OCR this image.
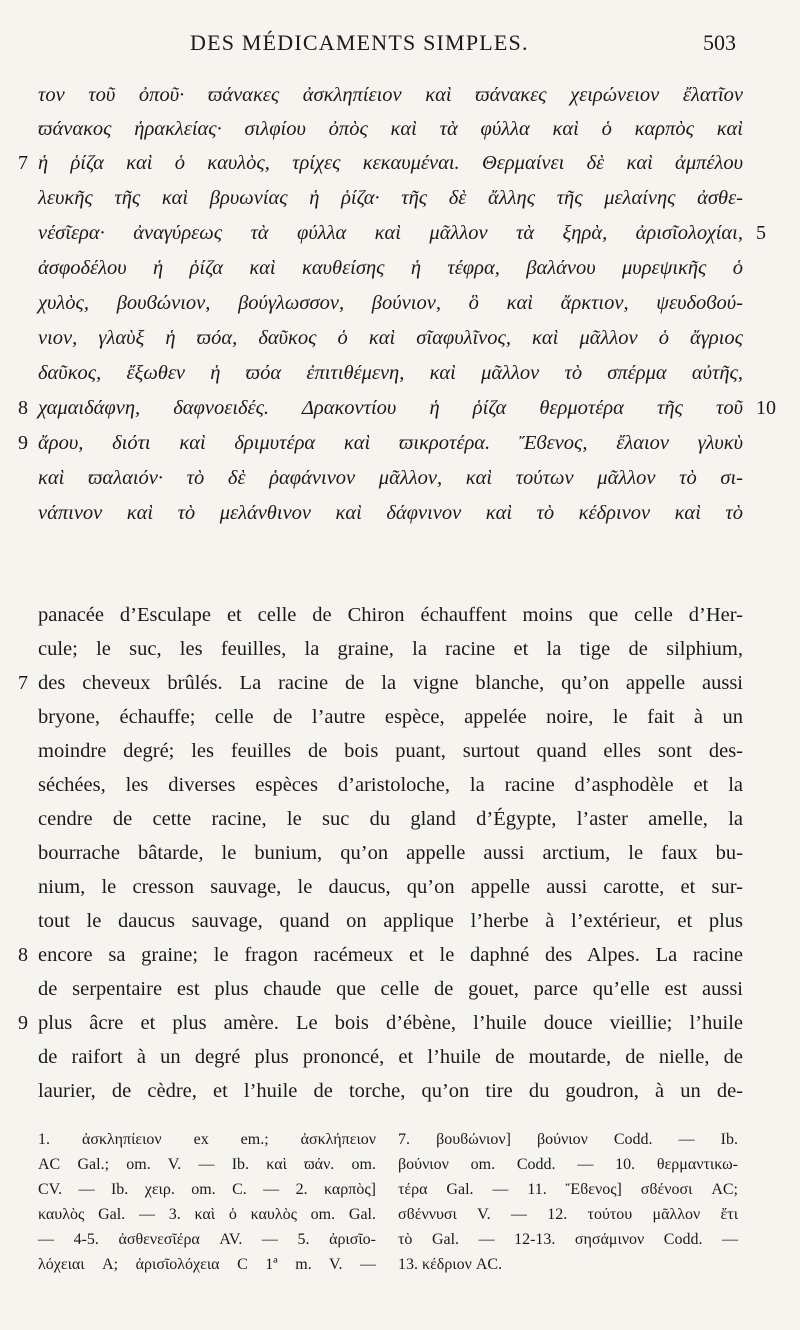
DES MÉDICAMENTS SIMPLES.	503
τον τοῦ ὀποῦ· ϖάνακες ἀσκληπίειον καὶ ϖάνακες χειρώνειον ἔλατῖον
ϖάνακος ἡρακλείας· σιλφίου ὀπὸς καὶ τὰ φύλλα καὶ ὁ καρπὸς καὶ
ἡ ῥίζα καὶ ὁ καυλὸς, τρίχες κεκαυμέναι. Θερμαίνει δὲ καὶ ἀμπέλου
λευκῆς τῆς καὶ βρυωνίας ἡ ῥίζα· τῆς δὲ ἄλλης τῆς μελαίνης ἀσθε-
νέσῖερα· ἀναγύρεως τὰ φύλλα καὶ μᾶλλον τὰ ξηρὰ, ἀρισῖολοχίαι,
ἀσφοδέλου ἡ ῥίζα καὶ καυθείσης ἡ τέφρα, βαλάνου μυρεψικῆς ὁ
χυλὸς, βουϐώνιον, βούγλωσσον, βούνιον, ὃ καὶ ἄρκτιον, ψευδοϐού-
νιον, γλαὺξ ἡ ϖόα, δαῦκος ὁ καὶ σῖαφυλῖνος, καὶ μᾶλλον ὁ ἄγριος
δαῦκος, ἔξωθεν ἡ ϖόα ἐπιτιθέμενη, καὶ μᾶλλον τὸ σπέρμα αὐτῆς,
χαμαιδάφνη, δαφνοειδές. Δρακοντίου ἡ ῥίζα θερμοτέρα τῆς τοῦ
ἄρου, διότι καὶ δριμυτέρα καὶ ϖικροτέρα. Ἔϐενος, ἔλαιον γλυκὺ
καὶ ϖαλαιόν· τὸ δὲ ῥαφάνινον μᾶλλον, καὶ τούτων μᾶλλον τὸ σι-
νάπινον καὶ τὸ μελάνθινον καὶ δάφνινον καὶ τὸ κέδρινον καὶ τὸ
7
8
9
5
10
panacée d’Esculape et celle de Chiron échauffent moins que celle d’Her-
cule; le suc, les feuilles, la graine, la racine et la tige de silphium,
des cheveux brûlés. La racine de la vigne blanche, qu’on appelle aussi
bryone, échauffe; celle de l’autre espèce, appelée noire, le fait à un
moindre degré; les feuilles de bois puant, surtout quand elles sont des-
séchées, les diverses espèces d’aristoloche, la racine d’asphodèle et la
cendre de cette racine, le suc du gland d’Égypte, l’aster amelle, la
bourrache bâtarde, le bunium, qu’on appelle aussi arctium, le faux bu-
nium, le cresson sauvage, le daucus, qu’on appelle aussi carotte, et sur-
tout le daucus sauvage, quand on applique l’herbe à l’extérieur, et plus
encore sa graine; le fragon racémeux et le daphné des Alpes. La racine
de serpentaire est plus chaude que celle de gouet, parce qu’elle est aussi
plus âcre et plus amère. Le bois d’ébène, l’huile douce vieillie; l’huile
de raifort à un degré plus prononcé, et l’huile de moutarde, de nielle, de
laurier, de cèdre, et l’huile de torche, qu’on tire du goudron, à un de-
7
8
9
1. ἀσκληπίειον ex em.; ἀσκλήπειον
AC Gal.; om. V. — Ib. καὶ ϖάν. om.
CV. — Ib. χειρ. om. C. — 2. καρπὸς]
καυλὸς Gal. — 3. καὶ ὁ καυλὸς om. Gal.
— 4-5. ἀσθενεσῖέρα AV. — 5. ἀρισῖο-
λόχειαι A; ἀρισῖολόχεια C 1ª m. V. —
7. βουϐώνιον] βούνιον Codd. — Ib.
βούνιον om. Codd. — 10. θερμαντικω-
τέρα Gal. — 11. Ἔϐενος] σϐένοσι AC;
σϐέννυσι V. — 12. τούτου μᾶλλον ἔτι
τὸ Gal. — 12-13. σησάμινον Codd. —
13. κέδριον AC.
